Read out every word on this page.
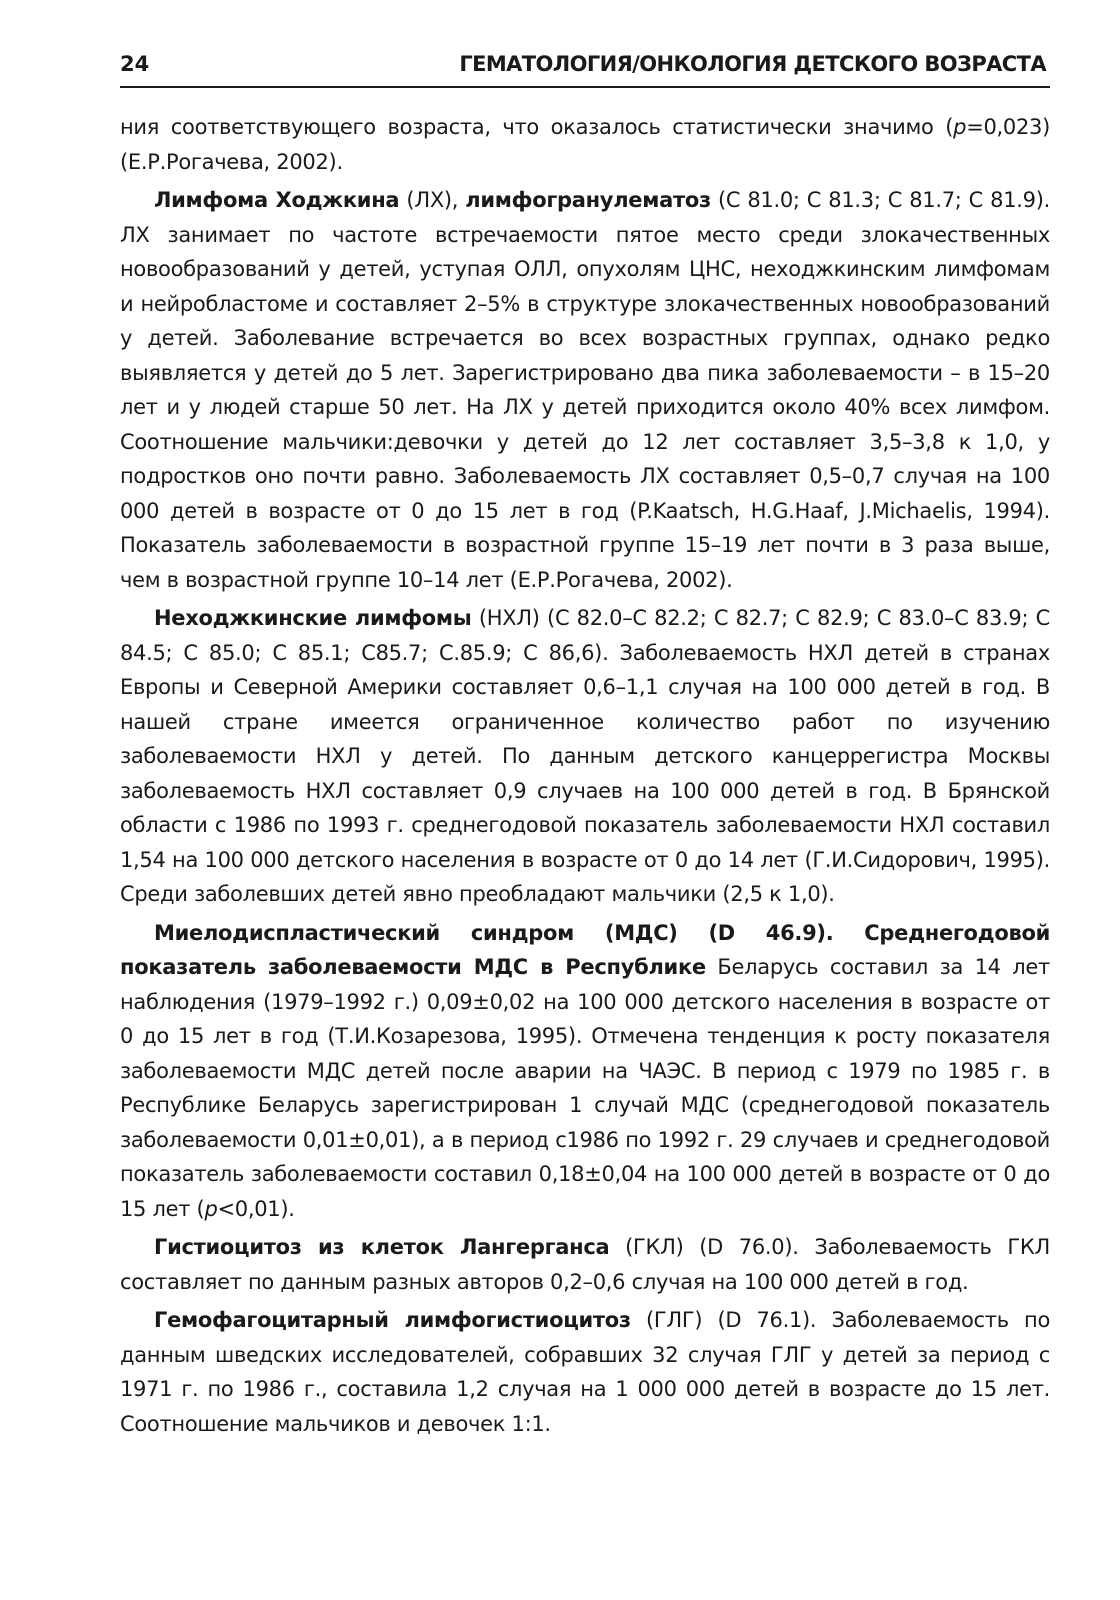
24	ГЕМАТОЛОГИЯ/ОНКОЛОГИЯ ДЕТСКОГО ВОЗРАСТА

ния соответствующего возраста, что оказалось статистически значимо (p=0,023) (Е.Р.Рогачева, 2002).

Лимфома Ходжкина (ЛХ), лимфогранулематоз (С 81.0; С 81.3; С 81.7; С 81.9). ЛХ занимает по частоте встречаемости пятое место среди злокачественных новообразований у детей, уступая ОЛЛ, опухолям ЦНС, неходжкинским лимфомам и нейробластоме и составляет 2–5% в структуре злокачественных новообразований у детей. Заболевание встречается во всех возрастных группах, однако редко выявляется у детей до 5 лет. Зарегистрировано два пика заболеваемости – в 15–20 лет и у людей старше 50 лет. На ЛХ у детей приходится около 40% всех лимфом. Соотношение мальчики:девочки у детей до 12 лет составляет 3,5–3,8 к 1,0, у подростков оно почти равно. Заболеваемость ЛХ составляет 0,5–0,7 случая на 100 000 детей в возрасте от 0 до 15 лет в год (P.Kaatsch, H.G.Haaf, J.Michaelis, 1994). Показатель заболеваемости в возрастной группе 15–19 лет почти в 3 раза выше, чем в возрастной группе 10–14 лет (Е.Р.Рогачева, 2002).

Неходжкинские лимфомы (НХЛ) (С 82.0–С 82.2; С 82.7; С 82.9; С 83.0–С 83.9; С 84.5; С 85.0; С 85.1; С85.7; С.85.9; С 86,6). Заболеваемость НХЛ детей в странах Европы и Северной Америки составляет 0,6–1,1 случая на 100 000 детей в год. В нашей стране имеется ограниченное количество работ по изучению заболеваемости НХЛ у детей. По данным детского канцеррегистра Москвы заболеваемость НХЛ составляет 0,9 случаев на 100 000 детей в год. В Брянской области с 1986 по 1993 г. среднегодовой показатель заболеваемости НХЛ составил 1,54 на 100 000 детского населения в возрасте от 0 до 14 лет (Г.И.Сидорович, 1995). Среди заболевших детей явно преобладают мальчики (2,5 к 1,0).

Миелодиспластический синдром (МДС) (D 46.9). Среднегодовой показатель заболеваемости МДС в Республике Беларусь составил за 14 лет наблюдения (1979–1992 г.) 0,09±0,02 на 100 000 детского населения в возрасте от 0 до 15 лет в год (Т.И.Козарезова, 1995). Отмечена тенденция к росту показателя заболеваемости МДС детей после аварии на ЧАЭС. В период с 1979 по 1985 г. в Республике Беларусь зарегистрирован 1 случай МДС (среднегодовой показатель заболеваемости 0,01±0,01), а в период с1986 по 1992 г. 29 случаев и среднегодовой показатель заболеваемости составил 0,18±0,04 на 100 000 детей в возрасте от 0 до 15 лет (p<0,01).

Гистиоцитоз из клеток Лангерганса (ГКЛ) (D 76.0). Заболеваемость ГКЛ составляет по данным разных авторов 0,2–0,6 случая на 100 000 детей в год.

Гемофагоцитарный лимфогистиоцитоз (ГЛГ) (D 76.1). Заболеваемость по данным шведских исследователей, собравших 32 случая ГЛГ у детей за период с 1971 г. по 1986 г., составила 1,2 случая на 1 000 000 детей в возрасте до 15 лет. Соотношение мальчиков и девочек 1:1.
